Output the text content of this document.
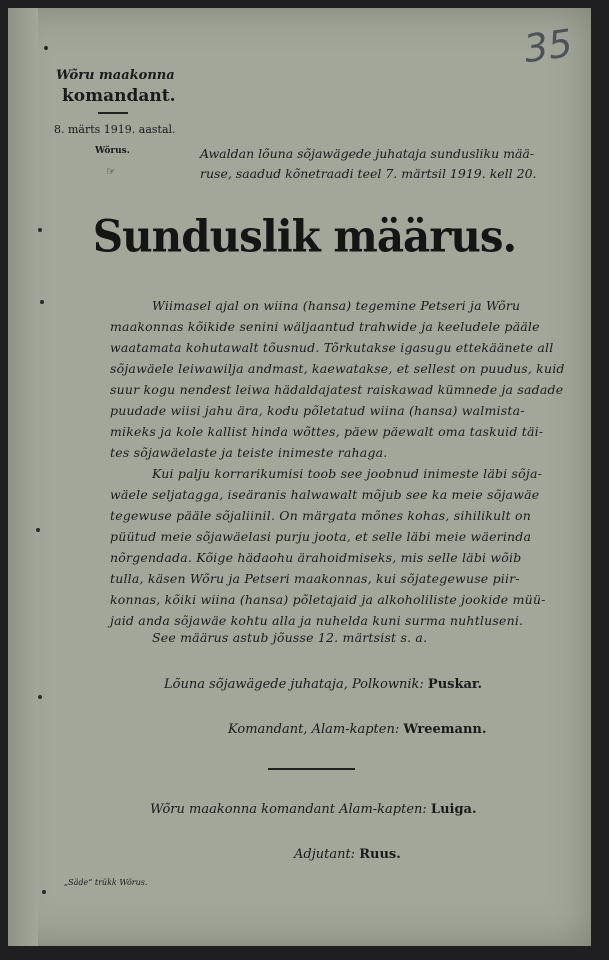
35
Wõru maakonna
komandant.
8. märts 1919. aastal.
Wõrus.
☞
Awaldan lõuna sõjawägede juhataja sundusliku mää-
ruse, saadud kõnetraadi teel 7. märtsil 1919. kell 20.
Sunduslik määrus.
Wiimasel ajal on wiina (hansa) tegemine Petseri ja Wõru
maakonnas kõikide senini wäljaantud trahwide ja keeludele pääle
waatamata kohutawalt tõusnud. Tõrkutakse igasugu ettekäänete all
sõjawäele leiwawilja andmast, kaewatakse, et sellest on puudus, kuid
suur kogu nendest leiwa hädaldajatest raiskawad kümnede ja sadade
puudade wiisi jahu ära, kodu põletatud wiina (hansa) walmista-
mikeks ja kole kallist hinda wõttes, päew päewalt oma taskuid täi-
tes sõjawäelaste ja teiste inimeste rahaga.
Kui palju korrarikumisi toob see joobnud inimeste läbi sõja-
wäele seljatagga, iseäranis halwawalt mõjub see ka meie sõjawäe
tegewuse pääle sõjaliinil. On märgata mõnes kohas, sihilikult on
püütud meie sõjawäelasi purju joota, et selle läbi meie wäerinda
nõrgendada. Kõige hädaohu ärahoidmiseks, mis selle läbi wõib
tulla, käsen Wõru ja Petseri maakonnas, kui sõjategewuse piir-
konnas, kõiki wiina (hansa) põletajaid ja alkoholiliste jookide müü-
jaid anda sõjawäe kohtu alla ja nuhelda kuni surma nuhtluseni.
See määrus astub jõusse 12. märtsist s. a.
Lõuna sõjawägede juhataja, Polkownik: Puskar.
Komandant, Alam-kapten: Wreemann.
Wõru maakonna komandant Alam-kapten: Luiga.
Adjutant: Ruus.
„Säde“ trükk Wõrus.
